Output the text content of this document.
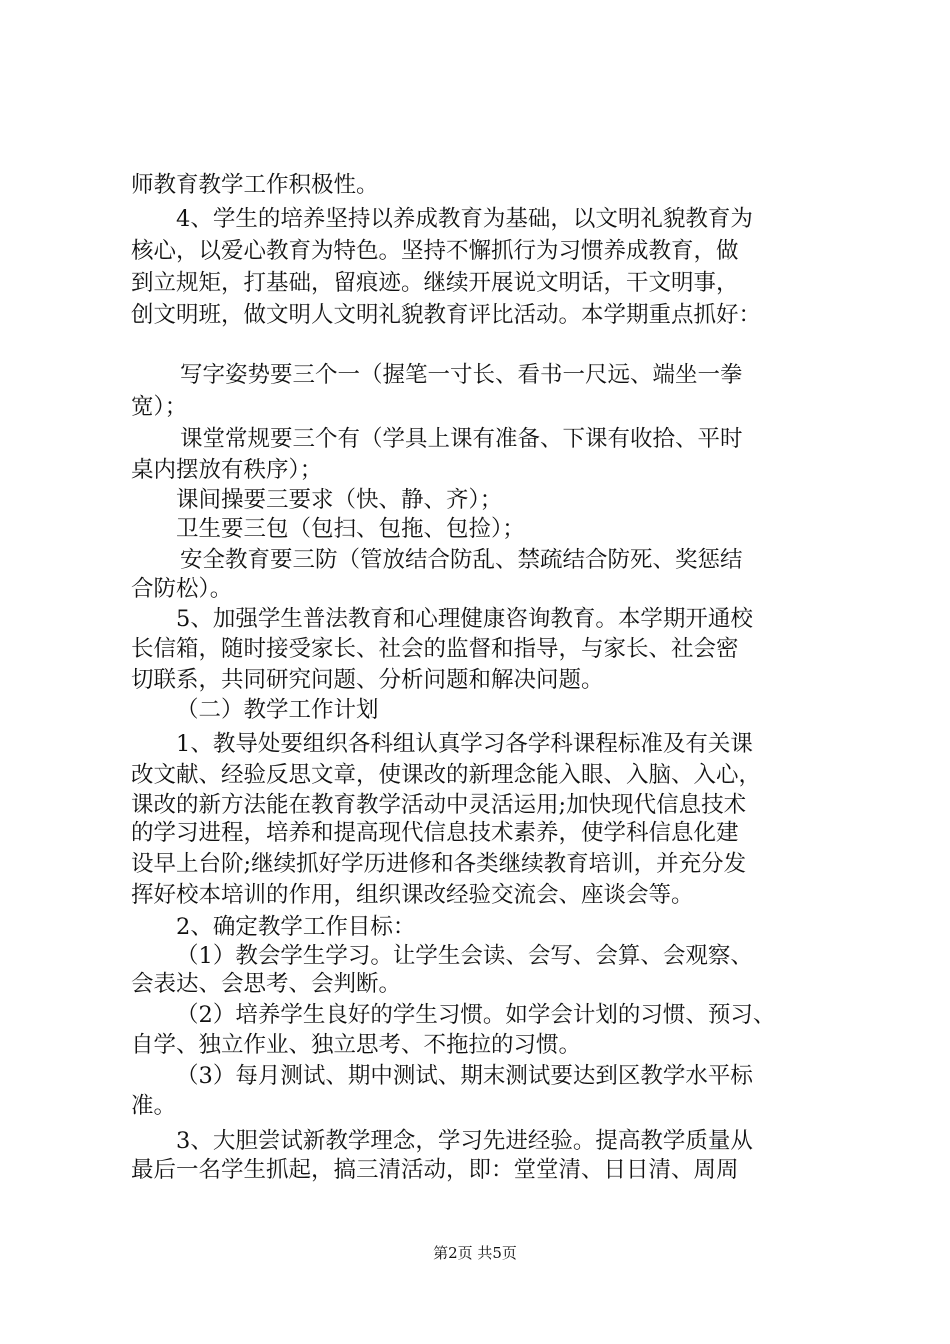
师教育教学工作积极性。
4、学生的培养坚持以养成教育为基础，以文明礼貌教育为
核心，以爱心教育为特色。坚持不懈抓行为习惯养成教育，做
到立规矩，打基础，留痕迹。继续开展说文明话，干文明事，
创文明班，做文明人文明礼貌教育评比活动。本学期重点抓好：
写字姿势要三个一（握笔一寸长、看书一尺远、端坐一拳
宽）；
课堂常规要三个有（学具上课有准备、下课有收拾、平时
桌内摆放有秩序）；
课间操要三要求（快、静、齐）；
卫生要三包（包扫、包拖、包捡）；
安全教育要三防（管放结合防乱、禁疏结合防死、奖惩结
合防松）。
5、加强学生普法教育和心理健康咨询教育。本学期开通校
长信箱，随时接受家长、社会的监督和指导，与家长、社会密
切联系，共同研究问题、分析问题和解决问题。
（二）教学工作计划
1、教导处要组织各科组认真学习各学科课程标准及有关课
改文献、经验反思文章，使课改的新理念能入眼、入脑、入心，
课改的新方法能在教育教学活动中灵活运用;加快现代信息技术
的学习进程，培养和提高现代信息技术素养，使学科信息化建
设早上台阶;继续抓好学历进修和各类继续教育培训，并充分发
挥好校本培训的作用，组织课改经验交流会、座谈会等。
2、确定教学工作目标：
（1）教会学生学习。让学生会读、会写、会算、会观察、
会表达、会思考、会判断。
（2）培养学生良好的学生习惯。如学会计划的习惯、预习、
自学、独立作业、独立思考、不拖拉的习惯。
（3）每月测试、期中测试、期末测试要达到区教学水平标
准。
3、大胆尝试新教学理念，学习先进经验。提高教学质量从
最后一名学生抓起，搞三清活动，即：堂堂清、日日清、周周
第2页 共5页
